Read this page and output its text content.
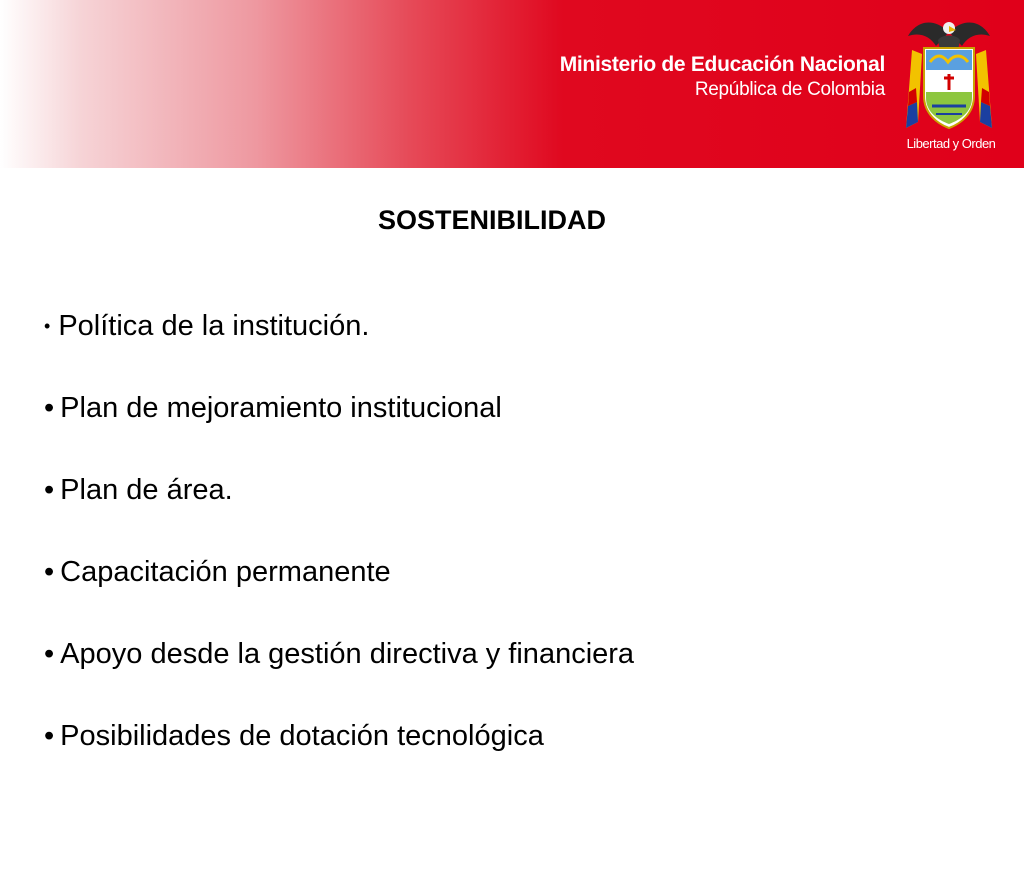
Ministerio de Educación Nacional
República de Colombia
Libertad y Orden
SOSTENIBILIDAD
• Política de la institución.
• Plan de mejoramiento institucional
• Plan de área.
• Capacitación permanente
• Apoyo desde la gestión directiva y financiera
• Posibilidades de dotación tecnológica
